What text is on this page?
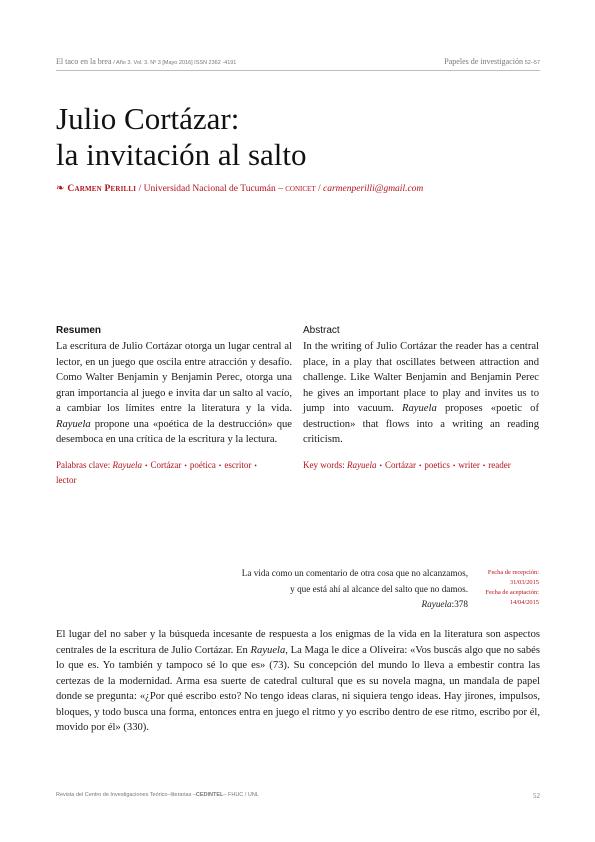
El taco en la brea / Año 3. Vol. 3. Nº 3 [Mayo 2016] ISSN 2362 -4191	Papeles de investigación 52–57
Julio Cortázar:
la invitación al salto
❧ Carmen Perilli / Universidad Nacional de Tucumán – conicet / carmenperilli@gmail.com
Resumen

La escritura de Julio Cortázar otorga un lugar central al lector, en un juego que oscila entre atracción y desafío. Como Walter Benjamin y Benjamin Perec, otorga una gran importancia al juego e invita dar un salto al vacío, a cambiar los límites entre la literatura y la vida. Rayuela propone una «poética de la destrucción» que desemboca en una crítica de la escritura y la lectura.

Palabras clave: Rayuela • Cortázar • poética • escritor •
lector
Abstract

In the writing of Julio Cortázar the reader has a central place, in a play that oscillates between attraction and challenge. Like Walter Benjamin and Benjamin Perec he gives an important place to play and invites us to jump into vacuum. Rayuela proposes «poetic of destruction» that flows into a writing an reading criticism.

Key words: Rayuela • Cortázar • poetics • writer • reader
La vida como un comentario de otra cosa que no alcanzamos,
y que está ahí al alcance del salto que no damos.
Rayuela:378
Fecha de recepción:
31/03/2015
Fecha de aceptación:
14/04/2015

El lugar del no saber y la búsqueda incesante de respuesta a los enigmas de la vida en la literatura son aspectos centrales de la escritura de Julio Cortázar. En Rayuela, La Maga le dice a Oliveira: «Vos buscás algo que no sabés lo que es. Yo también y tampoco sé lo que es» (73). Su concepción del mundo lo lleva a embestir contra las certezas de la modernidad. Arma esa suerte de catedral cultural que es su novela magna, un mandala de papel donde se pregunta: «¿Por qué escribo esto? No tengo ideas claras, ni siquiera tengo ideas. Hay jirones, impulsos, bloques, y todo busca una forma, entonces entra en juego el ritmo y yo escribo dentro de ese ritmo, escribo por él, movido por él» (330).

Revista del Centro de Investigaciones Teórico–literarias –CEDINTEL– FHUC / UNL	52
